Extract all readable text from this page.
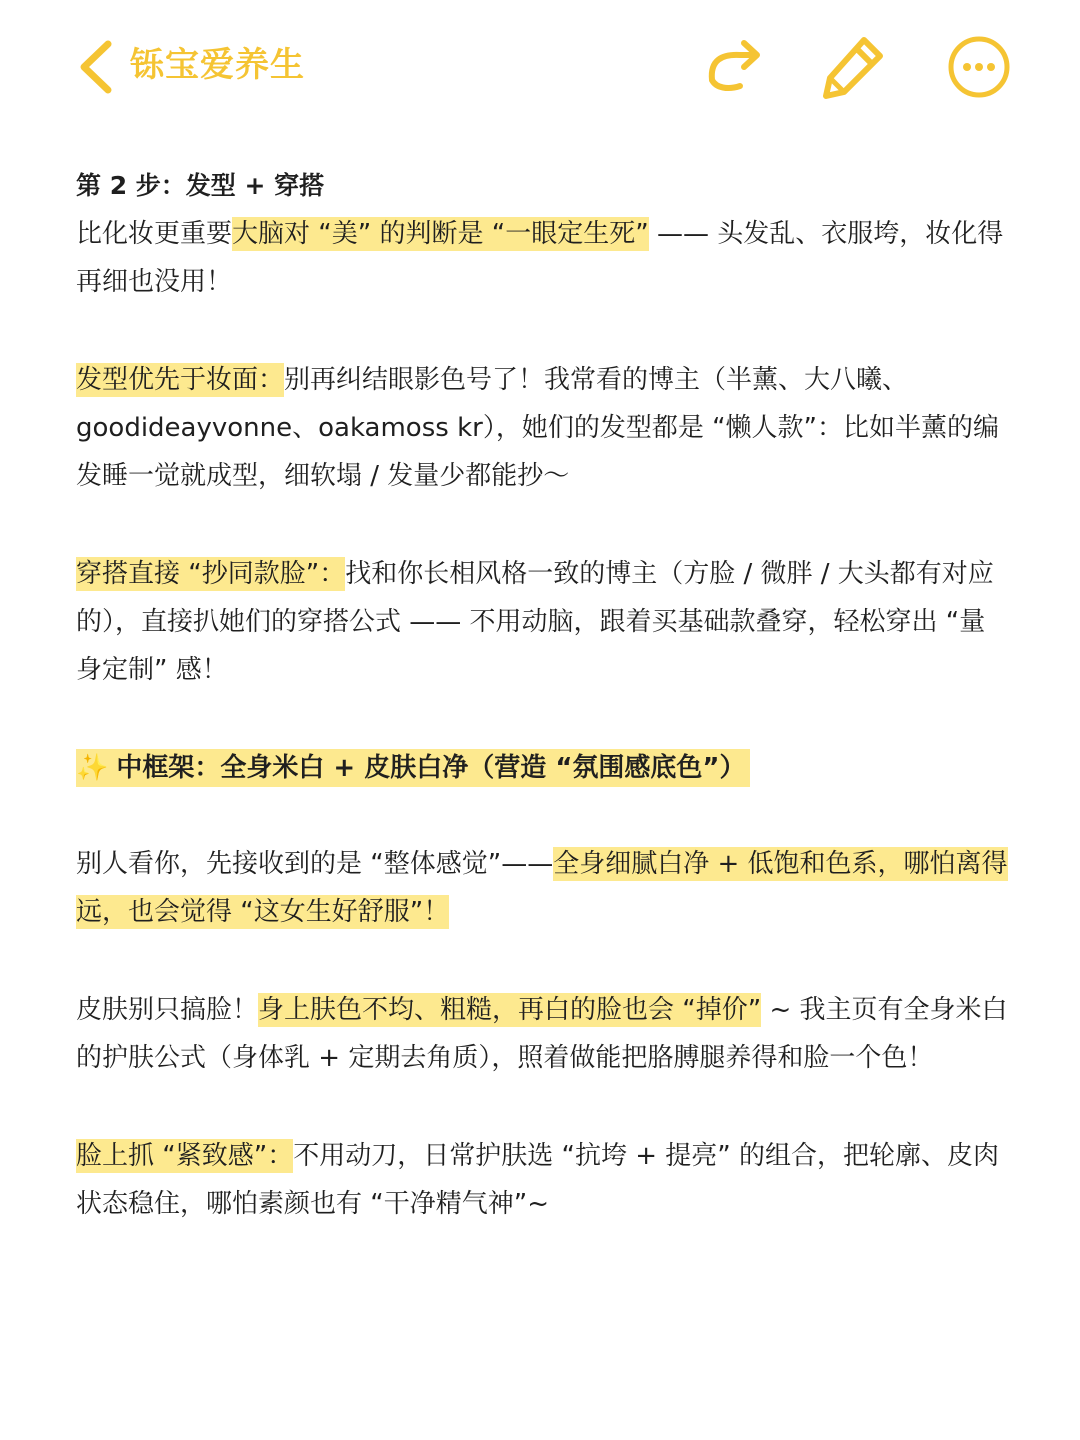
铄宝爱养生

第 2 步：发型 + 穿搭

比化妆更重要大脑对 “美” 的判断是 “一眼定生死” —— 头发乱、衣服垮，妆化得再细也没用！

发型优先于妆面：别再纠结眼影色号了！我常看的博主（半薰、大八曦、goodideayvonne、oakamoss kr），她们的发型都是 “懒人款”：比如半薰的编发睡一觉就成型，细软塌 / 发量少都能抄～

穿搭直接 “抄同款脸”：找和你长相风格一致的博主（方脸 / 微胖 / 大头都有对应的），直接扒她们的穿搭公式 —— 不用动脑，跟着买基础款叠穿，轻松穿出 “量身定制” 感！

✨ 中框架：全身米白 + 皮肤白净（营造 “氛围感底色”）

别人看你，先接收到的是 “整体感觉”——全身细腻白净 + 低饱和色系，哪怕离得远，也会觉得 “这女生好舒服”！

皮肤别只搞脸！身上肤色不均、粗糙，再白的脸也会 “掉价” ~ 我主页有全身米白的护肤公式（身体乳 + 定期去角质），照着做能把胳膊腿养得和脸一个色！

脸上抓 “紧致感”：不用动刀，日常护肤选 “抗垮 + 提亮” 的组合，把轮廓、皮肉状态稳住，哪怕素颜也有 “干净精气神”~
